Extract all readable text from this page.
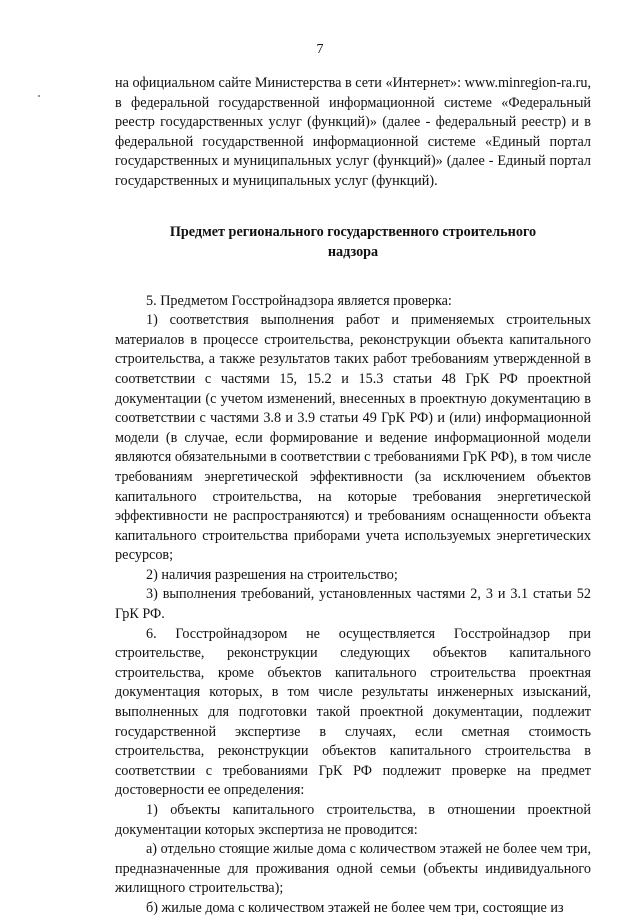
7

на официальном сайте Министерства в сети «Интернет»: www.minregion-ra.ru, в федеральной государственной информационной системе «Федеральный реестр государственных услуг (функций)» (далее - федеральный реестр) и в федеральной государственной информационной системе «Единый портал государственных и муниципальных услуг (функций)» (далее - Единый портал государственных и муниципальных услуг (функций).

Предмет регионального государственного строительного надзора

5. Предметом Госстройнадзора является проверка:

1) соответствия выполнения работ и применяемых строительных материалов в процессе строительства, реконструкции объекта капитального строительства, а также результатов таких работ требованиям утвержденной в соответствии с частями 15, 15.2 и 15.3 статьи 48 ГрК РФ проектной документации (с учетом изменений, внесенных в проектную документацию в соответствии с частями 3.8 и 3.9 статьи 49 ГрК РФ) и (или) информационной модели (в случае, если формирование и ведение информационной модели являются обязательными в соответствии с требованиями ГрК РФ), в том числе требованиям энергетической эффективности (за исключением объектов капитального строительства, на которые требования энергетической эффективности не распространяются) и требованиям оснащенности объекта капитального строительства приборами учета используемых энергетических ресурсов;

2) наличия разрешения на строительство;

3) выполнения требований, установленных частями 2, 3 и 3.1 статьи 52 ГрК РФ.

6. Госстройнадзором не осуществляется Госстройнадзор при строительстве, реконструкции следующих объектов капитального строительства, кроме объектов капитального строительства проектная документация которых, в том числе результаты инженерных изысканий, выполненных для подготовки такой проектной документации, подлежит государственной экспертизе в случаях, если сметная стоимость строительства, реконструкции объектов капитального строительства в соответствии с требованиями ГрК РФ подлежит проверке на предмет достоверности ее определения:

1) объекты капитального строительства, в отношении проектной документации которых экспертиза не проводится:

а) отдельно стоящие жилые дома с количеством этажей не более чем три, предназначенные для проживания одной семьи (объекты индивидуального жилищного строительства);

б) жилые дома с количеством этажей не более чем три, состоящие из
